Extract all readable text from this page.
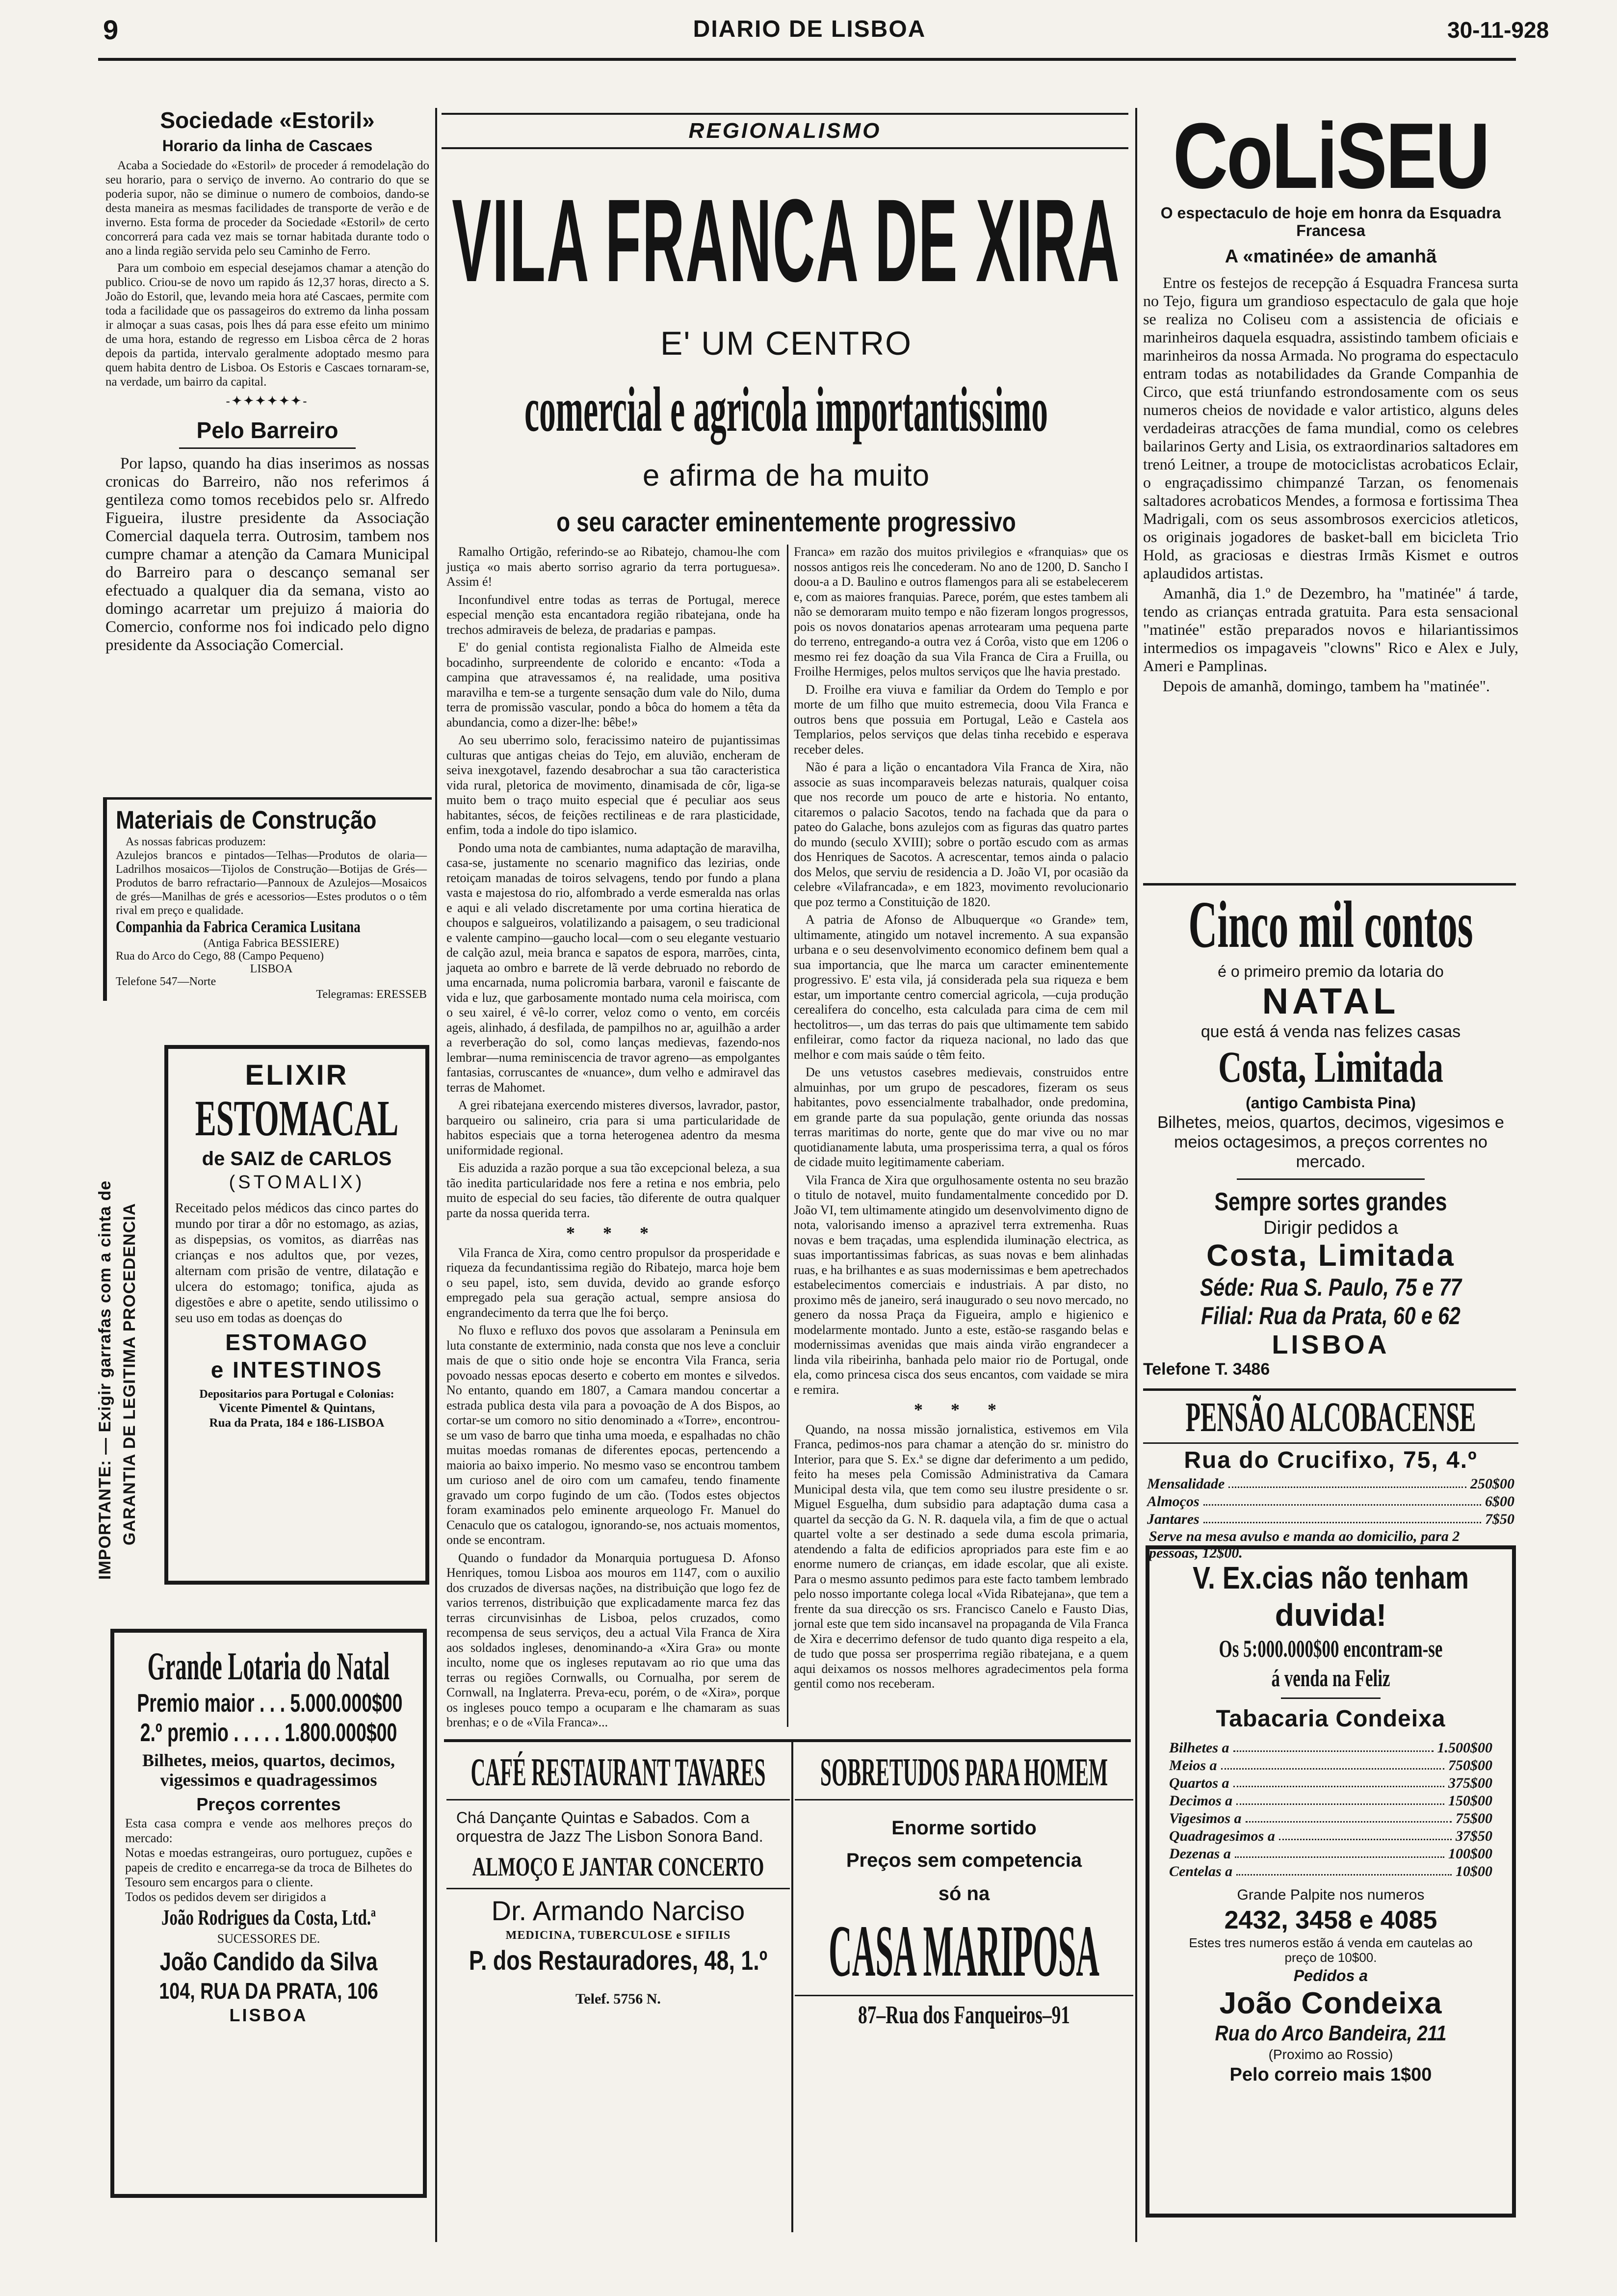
9	DIARIO DE LISBOA	30-11-928
Sociedade «Estoril»
Horario da linha de Cascaes

Acaba a Sociedade do «Estoril» de proceder á remodelação do seu horario, para o serviço de inverno. Ao contrario do que se poderia supor, não se diminue o numero de comboios, dando-se desta maneira as mesmas facilidades de transporte de verão e de inverno. Esta forma de proceder da Sociedade «Estoril» de certo concorrerá para cada vez mais se tornar habitada durante todo o ano a linda região servida pelo seu Caminho de Ferro.

Para um comboio em especial desejamos chamar a atenção do publico. Criou-se de novo um rapido ás 12,37 horas, directo a S. João do Estoril, que, levando meia hora até Cascaes, permite com toda a facilidade que os passageiros do extremo da linha possam ir almoçar a suas casas, pois lhes dá para esse efeito um minimo de uma hora, estando de regresso em Lisboa cêrca de 2 horas depois da partida, intervalo geralmente adoptado mesmo para quem habita dentro de Lisboa. Os Estoris e Cascaes tornaram-se, na verdade, um bairro da capital.

-✦✦✦✦✦✦-
Pelo Barreiro

Por lapso, quando ha dias inserimos as nossas cronicas do Barreiro, não nos referimos á gentileza como tomos recebidos pelo sr. Alfredo Figueira, ilustre presidente da Associação Comercial daquela terra. Outrosim, tambem nos cumpre chamar a atenção da Camara Municipal do Barreiro para o descanço semanal ser efectuado a qualquer dia da semana, visto ao domingo acarretar um prejuizo á maioria do Comercio, conforme nos foi indicado pelo digno presidente da Associação Comercial.

Materiais de Construção
As nossas fabricas produzem:
Azulejos brancos e pintados—Telhas—Produtos de olaria—Ladrilhos mosaicos—Tijolos de Construção—Botijas de Grés—Produtos de barro refractario—Pannoux de Azulejos—Mosaicos de grés—Manilhas de grés e acessorios—Estes produtos o o têm rival em preço e qualidade.
Companhia da Fabrica Ceramica Lusitana
(Antiga Fabrica BESSIERE)
Rua do Arco do Cego, 88 (Campo Pequeno)
LISBOA
Telefone 547—Norte
Telegramas: ERESSEB
IMPORTANTE: — Exigir garrafas com a cinta de GARANTIA DE LEGITIMA PROCEDENCIA
ELIXIR
ESTOMACAL
de SAIZ de CARLOS
(STOMALIX)
Receitado pelos médicos das cinco partes do mundo por tirar a dôr no estomago, as azias, as dispepsias, os vomitos, as diarrêas nas crianças e nos adultos que, por vezes, alternam com prisão de ventre, dilatação e ulcera do estomago; tonifica, ajuda as digestões e abre o apetite, sendo utilissimo o seu uso em todas as doenças do
ESTOMAGO
e INTESTINOS
Depositarios para Portugal e Colonias:
Vicente Pimentel & Quintans,
Rua da Prata, 184 e 186-LISBOA
Grande Lotaria do Natal
Premio maior . . . 5.000.000$00
2.º premio . . . . . 1.800.000$00
Bilhetes, meios, quartos, decimos, vigessimos e quadragessimos
Preços correntes
Esta casa compra e vende aos melhores preços do mercado:
Notas e moedas estrangeiras, ouro portuguez, cupões e papeis de credito e encarrega-se da troca de Bilhetes do Tesouro sem encargos para o cliente.
Todos os pedidos devem ser dirigidos a
João Rodrigues da Costa, Ltd.ª
SUCESSORES DE.
João Candido da Silva
104, RUA DA PRATA, 106
LISBOA
REGIONALISMO
VILA FRANCA DE XIRA
E' UM CENTRO
comercial e agricola importantissimo
e afirma de ha muito
o seu caracter eminentemente progressivo

Ramalho Ortigão, referindo-se ao Ribatejo, chamou-lhe com justiça «o mais aberto sorriso agrario da terra portuguesa». Assim é!

Inconfundivel entre todas as terras de Portugal, merece especial menção esta encantadora região ribatejana, onde ha trechos admiraveis de beleza, de pradarias e pampas.

E' do genial contista regionalista Fialho de Almeida este bocadinho, surpreendente de colorido e encanto: «Toda a campina que atravessamos é, na realidade, uma positiva maravilha e tem-se a turgente sensação dum vale do Nilo, duma terra de promissão vascular, pondo a bôca do homem a têta da abundancia, como a dizer-lhe: bêbe!»

Ao seu uberrimo solo, feracissimo nateiro de pujantissimas culturas que antigas cheias do Tejo, em aluvião, encheram de seiva inexgotavel, fazendo desabrochar a sua tão caracteristica vida rural, pletorica de movimento, dinamisada de côr, liga-se muito bem o traço muito especial que é peculiar aos seus habitantes, sécos, de feições rectilineas e de rara plasticidade, enfim, toda a indole do tipo islamico.

Pondo uma nota de cambiantes, numa adaptação de maravilha, casa-se, justamente no scenario magnifico das lezirias, onde retoiçam manadas de toiros selvagens, tendo por fundo a plana vasta e majestosa do rio, alfombrado a verde esmeralda nas orlas e aqui e ali velado discretamente por uma cortina hieratica de choupos e salgueiros, volatilizando a paisagem, o seu tradicional e valente campino—gaucho local—com o seu elegante vestuario de calção azul, meia branca e sapatos de espora, marrões, cinta, jaqueta ao ombro e barrete de lã verde debruado no rebordo de uma encarnada, numa policromia barbara, varonil e faiscante de vida e luz, que garbosamente montado numa cela moirisca, com o seu xairel, é vê-lo correr, veloz como o vento, em corcéis ageis, alinhado, á desfilada, de pampilhos no ar, aguilhão a arder a reverberação do sol, como lanças medievas, fazendo-nos lembrar—numa reminiscencia de travor agreno—as empolgantes fantasias, corruscantes de «nuance», dum velho e admiravel das terras de Mahomet.

A grei ribatejana exercendo misteres diversos, lavrador, pastor, barqueiro ou salineiro, cria para si uma particularidade de habitos especiais que a torna heterogenea adentro da mesma uniformidade regional.

Eis aduzida a razão porque a sua tão excepcional beleza, a sua tão inedita particularidade nos fere a retina e nos embria, pelo muito de especial do seu facies, tão diferente de outra qualquer parte da nossa querida terra.

* * *

Vila Franca de Xira, como centro propulsor da prosperidade e riqueza da fecundantissima região do Ribatejo, marca hoje bem o seu papel, isto, sem duvida, devido ao grande esforço empregado pela sua geração actual, sempre ansiosa do engrandecimento da terra que lhe foi berço.

No fluxo e refluxo dos povos que assolaram a Peninsula em luta constante de exterminio, nada consta que nos leve a concluir mais de que o sitio onde hoje se encontra Vila Franca, seria povoado nessas epocas deserto e coberto em montes e silvedos. No entanto, quando em 1807, a Camara mandou concertar a estrada publica desta vila para a povoação de A dos Bispos, ao cortar-se um comoro no sitio denominado a «Torre», encontrou-se um vaso de barro que tinha uma moeda, e espalhadas no chão muitas moedas romanas de diferentes epocas, pertencendo a maioria ao baixo imperio. No mesmo vaso se encontrou tambem um curioso anel de oiro com um camafeu, tendo finamente gravado um corpo fugindo de um cão. (Todos estes objectos foram examinados pelo eminente arqueologo Fr. Manuel do Cenaculo que os catalogou, ignorando-se, nos actuais momentos, onde se encontram.

Quando o fundador da Monarquia portuguesa D. Afonso Henriques, tomou Lisboa aos mouros em 1147, com o auxilio dos cruzados de diversas nações, na distribuição que logo fez de varios terrenos, distribuição que explicadamente marca fez das terras circunvisinhas de Lisboa, pelos cruzados, como recompensa de seus serviços, deu a actual Vila Franca de Xira aos soldados ingleses, denominando-a «Xira Gra» ou monte inculto, nome que os ingleses reputavam ao rio que uma das terras ou regiões Cornwalls, ou Cornualha, por serem de Cornwall, na Inglaterra. Preva-ecu, porém, o de «Xira», porque os ingleses pouco tempo a ocuparam e lhe chamaram as suas brenhas; e o de «Vila Franca»...

Franca» em razão dos muitos privilegios e «franquias» que os nossos antigos reis lhe concederam. No ano de 1200, D. Sancho I doou-a a D. Baulino e outros flamengos para ali se estabelecerem e, com as maiores franquias. Parece, porém, que estes tambem ali não se demoraram muito tempo e não fizeram longos progressos, pois os novos donatarios apenas arrotearam uma pequena parte do terreno, entregando-a outra vez á Corôa, visto que em 1206 o mesmo rei fez doação da sua Vila Franca de Cira a Fruilla, ou Froilhe Hermiges, pelos multos serviços que lhe havia prestado.

D. Froilhe era viuva e familiar da Ordem do Templo e por morte de um filho que muito estremecia, doou Vila Franca e outros bens que possuia em Portugal, Leão e Castela aos Templarios, pelos serviços que delas tinha recebido e esperava receber deles.

Não é para a lição o encantadora Vila Franca de Xira, não associe as suas incomparaveis belezas naturais, qualquer coisa que nos recorde um pouco de arte e historia. No entanto, citaremos o palacio Sacotos, tendo na fachada que da para o pateo do Galache, bons azulejos com as figuras das quatro partes do mundo (seculo XVIII); sobre o portão escudo com as armas dos Henriques de Sacotos. A acrescentar, temos ainda o palacio dos Melos, que serviu de residencia a D. João VI, por ocasião da celebre «Vilafrancada», e em 1823, movimento revolucionario que poz termo a Constituição de 1820.

A patria de Afonso de Albuquerque «o Grande» tem, ultimamente, atingido um notavel incremento. A sua expansão urbana e o seu desenvolvimento economico definem bem qual a sua importancia, que lhe marca um caracter eminentemente progressivo. E' esta vila, já considerada pela sua riqueza e bem estar, um importante centro comercial agricola, —cuja produção cerealifera do concelho, esta calculada para cima de cem mil hectolitros—, um das terras do pais que ultimamente tem sabido enfileirar, como factor da riqueza nacional, no lado das que melhor e com mais saúde o têm feito.

De uns vetustos casebres medievais, construidos entre almuinhas, por um grupo de pescadores, fizeram os seus habitantes, povo essencialmente trabalhador, onde predomina, em grande parte da sua população, gente oriunda das nossas terras maritimas do norte, gente que do mar vive ou no mar quotidianamente labuta, uma prosperissima terra, a qual os fóros de cidade muito legitimamente caberiam.

Vila Franca de Xira que orgulhosamente ostenta no seu brazão o titulo de notavel, muito fundamentalmente concedido por D. João VI, tem ultimamente atingido um desenvolvimento digno de nota, valorisando imenso a aprazivel terra extremenha. Ruas novas e bem traçadas, uma esplendida iluminação electrica, as suas importantissimas fabricas, as suas novas e bem alinhadas ruas, e ha brilhantes e as suas modernissimas e bem apetrechados estabelecimentos comerciais e industriais. A par disto, no proximo mês de janeiro, será inaugurado o seu novo mercado, no genero da nossa Praça da Figueira, amplo e higienico e modelarmente montado. Junto a este, estão-se rasgando belas e modernissimas avenidas que mais ainda virão engrandecer a linda vila ribeirinha, banhada pelo maior rio de Portugal, onde ela, como princesa cisca dos seus encantos, com vaidade se mira e remira.

* * *

Quando, na nossa missão jornalistica, estivemos em Vila Franca, pedimos-nos para chamar a atenção do sr. ministro do Interior, para que S. Ex.ª se digne dar deferimento a um pedido, feito ha meses pela Comissão Administrativa da Camara Municipal desta vila, que tem como seu ilustre presidente o sr. Miguel Esguelha, dum subsidio para adaptação duma casa a quartel da secção da G. N. R. daquela vila, a fim de que o actual quartel volte a ser destinado a sede duma escola primaria, atendendo a falta de edificios apropriados para este fim e ao enorme numero de crianças, em idade escolar, que ali existe. Para o mesmo assunto pedimos para este facto tambem lembrado pelo nosso importante colega local «Vida Ribatejana», que tem a frente da sua direcção os srs. Francisco Canelo e Fausto Dias, jornal este que tem sido incansavel na propaganda de Vila Franca de Xira e decerrimo defensor de tudo quanto diga respeito a ela, de tudo que possa ser prosperrima região ribatejana, e a quem aqui deixamos os nossos melhores agradecimentos pela forma gentil como nos receberam.

CAFÉ RESTAURANT TAVARES
Chá Dançante Quintas e Sabados. Com a orquestra de Jazz The Lisbon Sonora Band.
ALMOÇO E JANTAR CONCERTO
Dr. Armando Narciso
MEDICINA, TUBERCULOSE e SIFILIS
P. dos Restauradores, 48, 1.º
Telef. 5756 N.
SOBRETUDOS PARA HOMEM
Enorme sortido
Preços sem competencia
só na
CASA MARIPOSA
87–Rua dos Fanqueiros–91
CoLiSEU
O espectaculo de hoje em honra da Esquadra Francesa
A «matinée» de amanhã
Entre os festejos de recepção á Esquadra Francesa surta no Tejo, figura um grandioso espectaculo de gala que hoje se realiza no Coliseu com a assistencia de oficiais e marinheiros daquela esquadra, assistindo tambem oficiais e marinheiros da nossa Armada. No programa do espectaculo entram todas as notabilidades da Grande Companhia de Circo, que está triunfando estrondosamente com os seus numeros cheios de novidade e valor artistico, alguns deles verdadeiras atracções de fama mundial, como os celebres bailarinos Gerty and Lisia, os extraordinarios saltadores em trenó Leitner, a troupe de motociclistas acrobaticos Eclair, o engraçadissimo chimpanzé Tarzan, os fenomenais saltadores acrobaticos Mendes, a formosa e fortissima Thea Madrigali, com os seus assombrosos exercicios atleticos, os originais jogadores de basket-ball em bicicleta Trio Hold, as graciosas e diestras Irmãs Kismet e outros aplaudidos artistas.
Amanhã, dia 1.º de Dezembro, ha "matinée" á tarde, tendo as crianças entrada gratuita. Para esta sensacional "matinée" estão preparados novos e hilariantissimos intermedios os impagaveis "clowns" Rico e Alex e July, Ameri e Pamplinas.
Depois de amanhã, domingo, tambem ha "matinée".
Cinco mil contos
é o primeiro premio da lotaria do
NATAL
que está á venda nas felizes casas
Costa, Limitada
(antigo Cambista Pina)
Bilhetes, meios, quartos, decimos, vigesimos e meios octagesimos, a preços correntes no mercado.
Sempre sortes grandes
Dirigir pedidos a
Costa, Limitada
Séde: Rua S. Paulo, 75 e 77
Filial: Rua da Prata, 60 e 62
LISBOA
Telefone T. 3486
PENSÃO ALCOBACENSE
Rua do Crucifixo, 75, 4.º
Mensalidade	250$00
Almoços	6$00
Jantares	7$50
Serve na mesa avulso e manda ao domicilio, para 2 pessoas, 12$00.
V. Ex.cias não tenham
duvida!
Os 5:000.000$00 encontram-se
á venda na Feliz
Tabacaria Condeixa
Bilhetes a	1.500$00
Meios a	750$00
Quartos a	375$00
Decimos a	150$00
Vigesimos a	75$00
Quadragesimos a	37$50
Dezenas a	100$00
Centelas a	10$00
Grande Palpite nos numeros
2432, 3458 e 4085
Estes tres numeros estão á venda em cautelas ao preço de 10$00.
Pedidos a
João Condeixa
Rua do Arco Bandeira, 211
(Proximo ao Rossio)
Pelo correio mais 1$00
